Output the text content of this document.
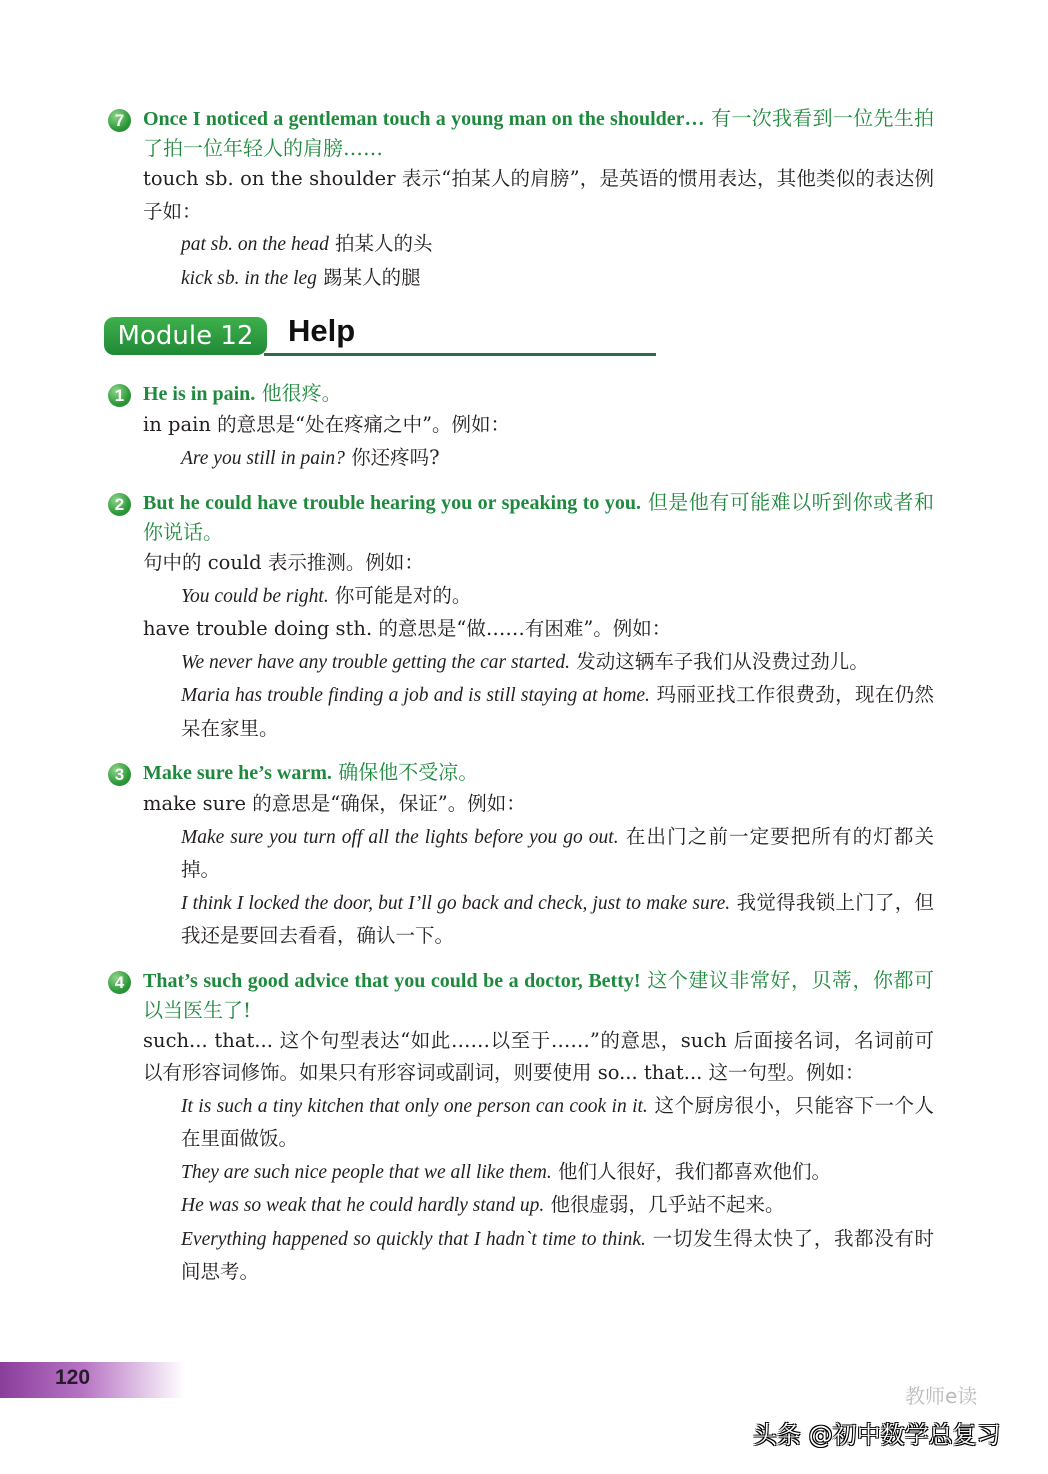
7 Once I noticed a gentleman touch a young man on the shoulder… 有一次我看到一位先生拍了拍一位年轻人的肩膀……
touch sb. on the shoulder 表示“拍某人的肩膀”，是英语的惯用表达，其他类似的表达例子如：
pat sb. on the head 拍某人的头
kick sb. in the leg 踢某人的腿
Module 12	Help
1 He is in pain. 他很疼。
in pain 的意思是“处在疼痛之中”。例如：
Are you still in pain? 你还疼吗?
2 But he could have trouble hearing you or speaking to you. 但是他有可能难以听到你或者和你说话。
句中的 could 表示推测。例如：
You could be right. 你可能是对的。
have trouble doing sth. 的意思是“做……有困难”。例如：
We never have any trouble getting the car started. 发动这辆车子我们从没费过劲儿。
Maria has trouble finding a job and is still staying at home. 玛丽亚找工作很费劲，现在仍然呆在家里。
3 Make sure he’s warm. 确保他不受凉。
make sure 的意思是“确保，保证”。例如：
Make sure you turn off all the lights before you go out. 在出门之前一定要把所有的灯都关掉。
I think I locked the door, but I’ll go back and check, just to make sure. 我觉得我锁上门了，但我还是要回去看看，确认一下。
4 That’s such good advice that you could be a doctor, Betty! 这个建议非常好，贝蒂，你都可以当医生了!
such... that... 这个句型表达“如此……以至于……”的意思，such 后面接名词，名词前可以有形容词修饰。如果只有形容词或副词，则要使用 so... that... 这一句型。例如：
It is such a tiny kitchen that only one person can cook in it. 这个厨房很小，只能容下一个人在里面做饭。
They are such nice people that we all like them. 他们人很好，我们都喜欢他们。
He was so weak that he could hardly stand up. 他很虚弱，几乎站不起来。
Everything happened so quickly that I hadn`t time to think. 一切发生得太快了，我都没有时间思考。
120
教师e读
头条 @初中数学总复习
